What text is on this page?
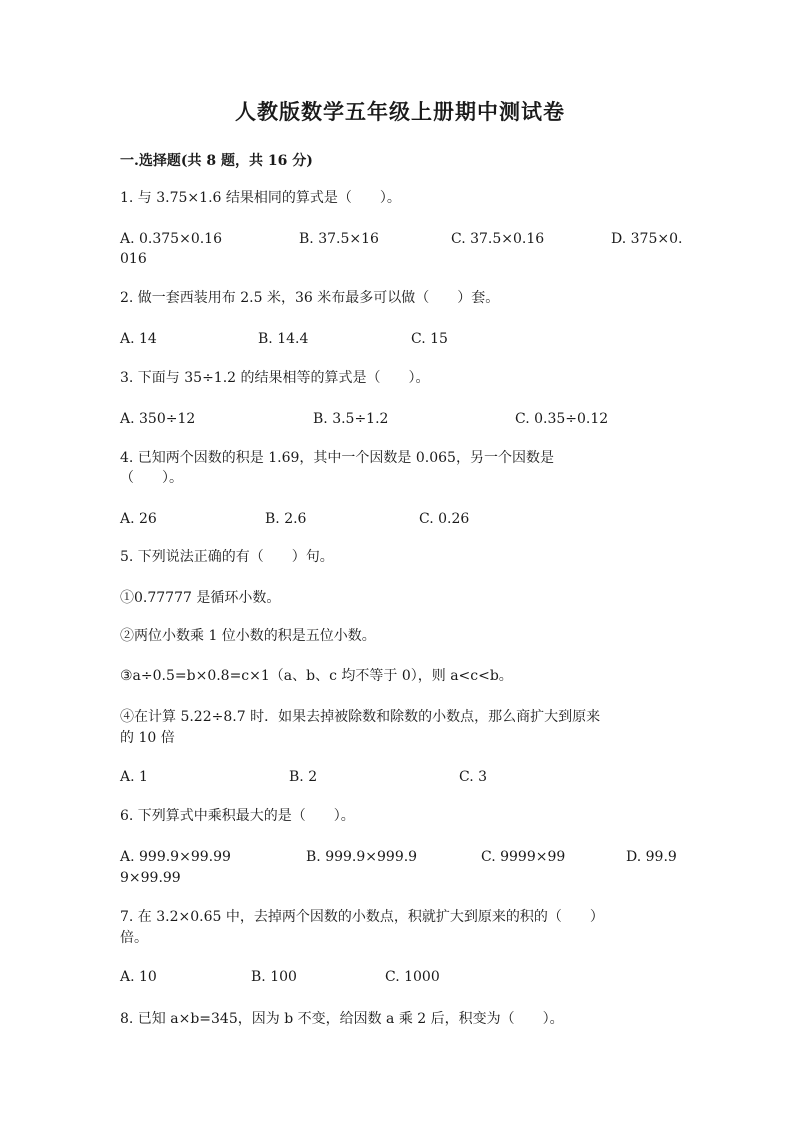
人教版数学五年级上册期中测试卷
一.选择题(共 8 题，共 16 分)
1. 与 3.75×1.6 结果相同的算式是（　　）。
A. 0.375×0.16	B. 37.5×16	C. 37.5×0.16	D. 375×0.
016
2. 做一套西装用布 2.5 米，36 米布最多可以做（　　）套。
A. 14	B. 14.4	C. 15
3. 下面与 35÷1.2 的结果相等的算式是（　　）。
A. 350÷12	B. 3.5÷1.2	C. 0.35÷0.12
4. 已知两个因数的积是 1.69，其中一个因数是 0.065，另一个因数是
（　　）。
A. 26	B. 2.6	C. 0.26
5. 下列说法正确的有（　　）句。
①0.77777 是循环小数。
②两位小数乘 1 位小数的积是五位小数。
③a÷0.5=b×0.8=c×1（a、b、c 均不等于 0），则 a<c<b。
④在计算 5.22÷8.7 时．如果去掉被除数和除数的小数点，那么商扩大到原来
的 10 倍
A. 1	B. 2	C. 3
6. 下列算式中乘积最大的是（　　）。
A. 999.9×99.99	B. 999.9×999.9	C. 9999×99	D. 99.9
9×99.99
7. 在 3.2×0.65 中，去掉两个因数的小数点，积就扩大到原来的积的（　　）
倍。
A. 10	B. 100	C. 1000
8. 已知 a×b=345，因为 b 不变，给因数 a 乘 2 后，积变为（　　）。
